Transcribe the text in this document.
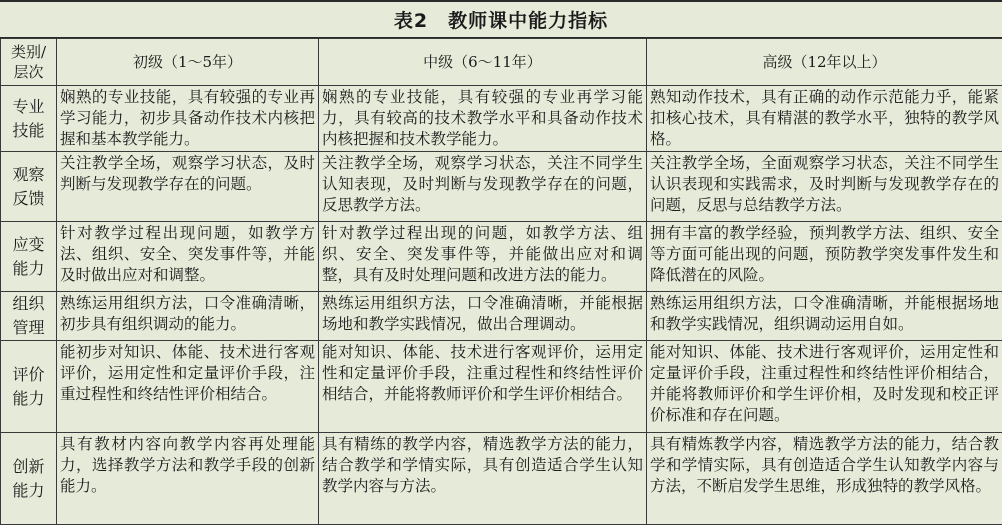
表2　教师课中能力指标
类别/
层次	初级（1～5年）	中级（6～11年）	高级（12年以上）

专业
技能	娴熟的专业技能，具有较强的专业再学习能力，初步具备动作技术内核把握和基本教学能力。	娴熟的专业技能，具有较强的专业再学习能力，具有较高的技术教学水平和具备动作技术内核把握和技术教学能力。	熟知动作技术，具有正确的动作示范能力乎，能紧扣核心技术，具有精湛的教学水平，独特的教学风格。

观察
反馈	关注教学全场，观察学习状态，及时判断与发现教学存在的问题。	关注教学全场，观察学习状态，关注不同学生认知表现，及时判断与发现教学存在的问题，反思教学方法。	关注教学全场，全面观察学习状态，关注不同学生认识表现和实践需求，及时判断与发现教学存在的问题，反思与总结教学方法。

应变
能力	针对教学过程出现问题，如教学方法、组织、安全、突发事件等，并能及时做出应对和调整。	针对教学过程出现的问题，如教学方法、组织、安全、突发事件等，并能做出应对和调整，具有及时处理问题和改进方法的能力。	拥有丰富的教学经验，预判教学方法、组织、安全等方面可能出现的问题，预防教学突发事件发生和降低潜在的风险。

组织
管理	熟练运用组织方法，口令准确清晰，初步具有组织调动的能力。	熟练运用组织方法，口令准确清晰，并能根据场地和教学实践情况，做出合理调动。	熟练运用组织方法，口令准确清晰，并能根据场地和教学实践情况，组织调动运用自如。

评价
能力	能初步对知识、体能、技术进行客观评价，运用定性和定量评价手段，注重过程性和终结性评价相结合。	能对知识、体能、技术进行客观评价，运用定性和定量评价手段，注重过程性和终结性评价相结合，并能将教师评价和学生评价相结合。	能对知识、体能、技术进行客观评价，运用定性和定量评价手段，注重过程性和终结性评价相结合，并能将教师评价和学生评价相，及时发现和校正评价标准和存在问题。

创新
能力	具有教材内容向教学内容再处理能力，选择教学方法和教学手段的创新能力。	具有精练的教学内容，精选教学方法的能力，结合教学和学情实际，具有创造适合学生认知教学内容与方法。	具有精炼教学内容，精选教学方法的能力，结合教学和学情实际，具有创造适合学生认知教学内容与方法，不断启发学生思维，形成独特的教学风格。
